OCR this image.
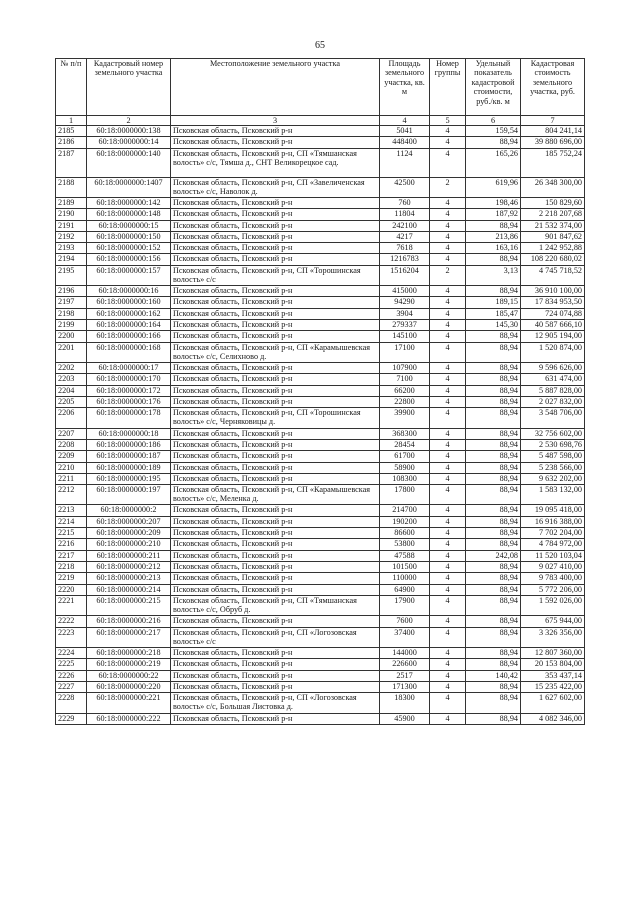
65
№ п/п	Кадастровый номер земельного участка	Местоположение земельного участка	Площадь земельного участка, кв. м	Номер группы	Удельный показатель кадастровой стоимости, руб./кв. м	Кадастровая стоимость земельного участка, руб.
1	2	3	4	5	6	7
2185	60:18:0000000:138	Псковская область, Псковский р-н	5041	4	159,54	804 241,14
2186	60:18:0000000:14	Псковская область, Псковский р-н	448400	4	88,94	39 880 696,00
2187	60:18:0000000:140	Псковская область, Псковский р-н, СП «Тямшанская волость» с/с, Тямша д., СНТ Великорецкое сад.	1124	4	165,26	185 752,24
2188	60:18:0000000:1407	Псковская область, Псковский р-н, СП «Завеличенская волость» с/с, Наволок д.	42500	2	619,96	26 348 300,00
2189	60:18:0000000:142	Псковская область, Псковский р-н	760	4	198,46	150 829,60
2190	60:18:0000000:148	Псковская область, Псковский р-н	11804	4	187,92	2 218 207,68
2191	60:18:0000000:15	Псковская область, Псковский р-н	242100	4	88,94	21 532 374,00
2192	60:18:0000000:150	Псковская область, Псковский р-н	4217	4	213,86	901 847,62
2193	60:18:0000000:152	Псковская область, Псковский р-н	7618	4	163,16	1 242 952,88
2194	60:18:0000000:156	Псковская область, Псковский р-н	1216783	4	88,94	108 220 680,02
2195	60:18:0000000:157	Псковская область, Псковский р-н, СП «Торошинская волость» с/с	1516204	2	3,13	4 745 718,52
2196	60:18:0000000:16	Псковская область, Псковский р-н	415000	4	88,94	36 910 100,00
2197	60:18:0000000:160	Псковская область, Псковский р-н	94290	4	189,15	17 834 953,50
2198	60:18:0000000:162	Псковская область, Псковский р-н	3904	4	185,47	724 074,88
2199	60:18:0000000:164	Псковская область, Псковский р-н	279337	4	145,30	40 587 666,10
2200	60:18:0000000:166	Псковская область, Псковский р-н	145100	4	88,94	12 905 194,00
2201	60:18:0000000:168	Псковская область, Псковский р-н, СП «Карамышевская волость» с/с, Селихново д.	17100	4	88,94	1 520 874,00
2202	60:18:0000000:17	Псковская область, Псковский р-н	107900	4	88,94	9 596 626,00
2203	60:18:0000000:170	Псковская область, Псковский р-н	7100	4	88,94	631 474,00
2204	60:18:0000000:172	Псковская область, Псковский р-н	66200	4	88,94	5 887 828,00
2205	60:18:0000000:176	Псковская область, Псковский р-н	22800	4	88,94	2 027 832,00
2206	60:18:0000000:178	Псковская область, Псковский р-н, СП «Торошинская волость» с/с, Черняковицы д.	39900	4	88,94	3 548 706,00
2207	60:18:0000000:18	Псковская область, Псковский р-н	368300	4	88,94	32 756 602,00
2208	60:18:0000000:186	Псковская область, Псковский р-н	28454	4	88,94	2 530 698,76
2209	60:18:0000000:187	Псковская область, Псковский р-н	61700	4	88,94	5 487 598,00
2210	60:18:0000000:189	Псковская область, Псковский р-н	58900	4	88,94	5 238 566,00
2211	60:18:0000000:195	Псковская область, Псковский р-н	108300	4	88,94	9 632 202,00
2212	60:18:0000000:197	Псковская область, Псковский р-н, СП «Карамышевская волость» с/с, Меленка д.	17800	4	88,94	1 583 132,00
2213	60:18:0000000:2	Псковская область, Псковский р-н	214700	4	88,94	19 095 418,00
2214	60:18:0000000:207	Псковская область, Псковский р-н	190200	4	88,94	16 916 388,00
2215	60:18:0000000:209	Псковская область, Псковский р-н	86600	4	88,94	7 702 204,00
2216	60:18:0000000:210	Псковская область, Псковский р-н	53800	4	88,94	4 784 972,00
2217	60:18:0000000:211	Псковская область, Псковский р-н	47588	4	242,08	11 520 103,04
2218	60:18:0000000:212	Псковская область, Псковский р-н	101500	4	88,94	9 027 410,00
2219	60:18:0000000:213	Псковская область, Псковский р-н	110000	4	88,94	9 783 400,00
2220	60:18:0000000:214	Псковская область, Псковский р-н	64900	4	88,94	5 772 206,00
2221	60:18:0000000:215	Псковская область, Псковский р-н, СП «Тямшанская волость» с/с, Обруб д.	17900	4	88,94	1 592 026,00
2222	60:18:0000000:216	Псковская область, Псковский р-н	7600	4	88,94	675 944,00
2223	60:18:0000000:217	Псковская область, Псковский р-н, СП «Логозовская волость» с/с	37400	4	88,94	3 326 356,00
2224	60:18:0000000:218	Псковская область, Псковский р-н	144000	4	88,94	12 807 360,00
2225	60:18:0000000:219	Псковская область, Псковский р-н	226600	4	88,94	20 153 804,00
2226	60:18:0000000:22	Псковская область, Псковский р-н	2517	4	140,42	353 437,14
2227	60:18:0000000:220	Псковская область, Псковский р-н	171300	4	88,94	15 235 422,00
2228	60:18:0000000:221	Псковская область, Псковский р-н, СП «Логозовская волость» с/с, Большая Листовка д.	18300	4	88,94	1 627 602,00
2229	60:18:0000000:222	Псковская область, Псковский р-н	45900	4	88,94	4 082 346,00
